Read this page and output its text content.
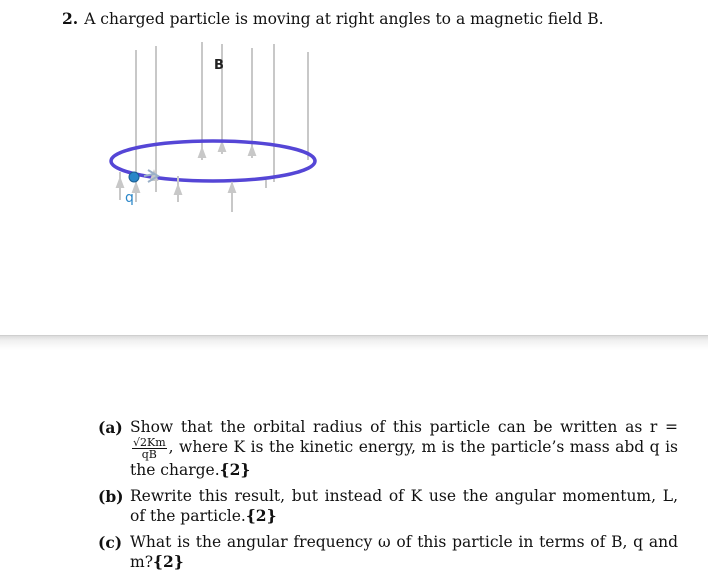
2. A charged particle is moving at right angles to a magnetic field B.
B
q
(a) Show that the orbital radius of this particle can be written as r =
$\frac{√2Km}{qB}$ , where K is the kinetic energy, m is the particle’s mass abd q is the charge.{2}
(b) Rewrite this result, but instead of K use the angular momentum, L, of the particle.{2}
(c) What is the angular frequency ω of this particle in terms of B, q and m?{2}
